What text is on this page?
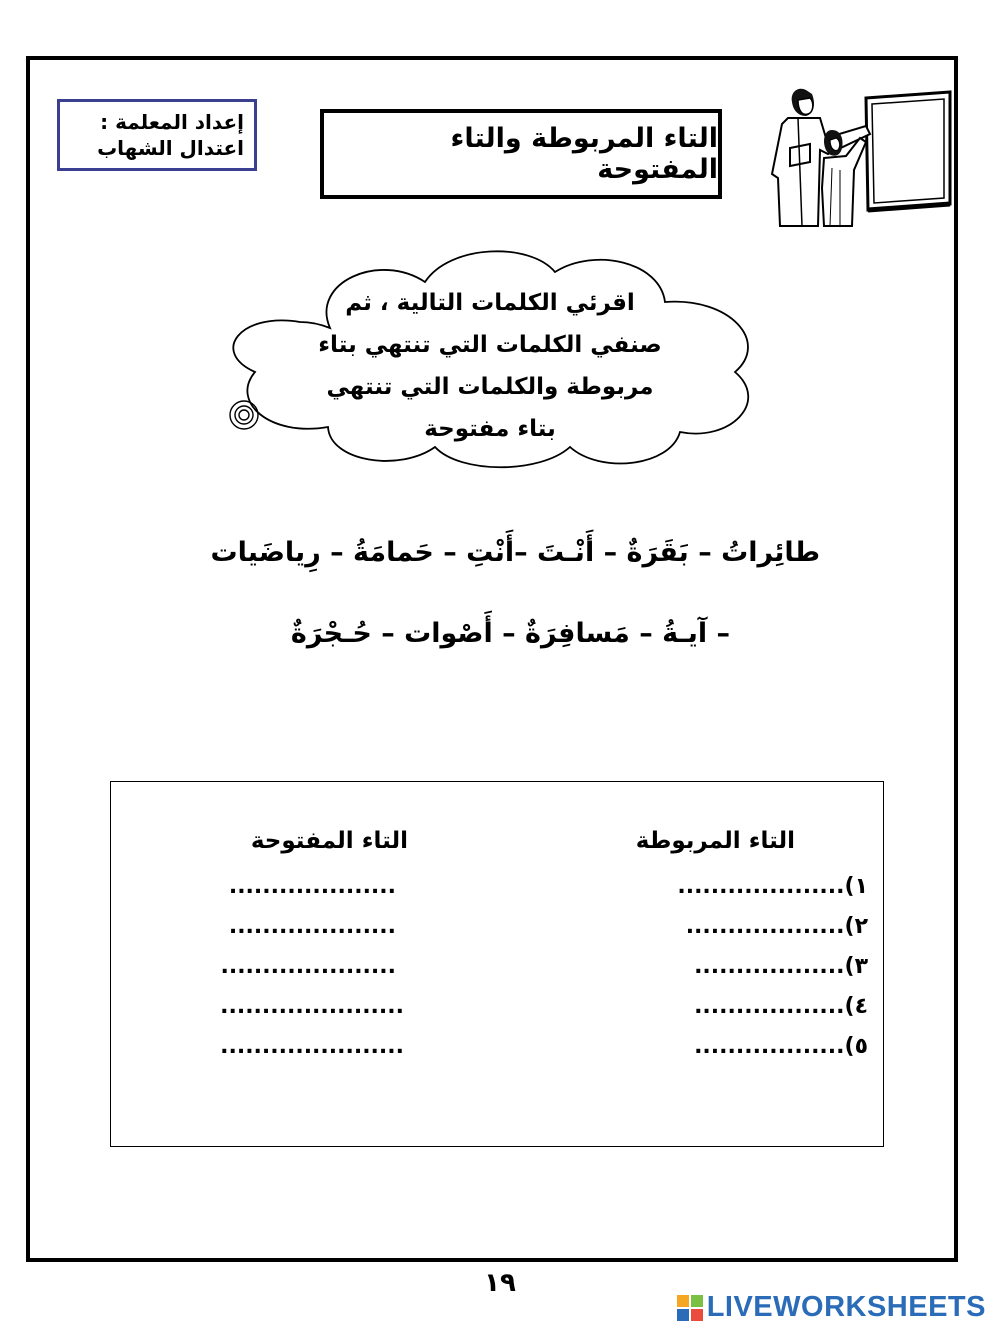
إعداد المعلمة :
اعتدال الشهاب	التاء المربوطة والتاء المفتوحة
اقرئي الكلمات التالية ، ثم
صنفي الكلمات التي تنتهي بتاء
مربوطة والكلمات التي تنتهي
بتاء مفتوحة
طائِراتُ – بَقَرَةٌ – أَنْـتَ –أَنْتِ – حَمامَةُ – رِياضَيات
– آيـةُ – مَسافِرَةٌ – أَصْوات – حُـجْرَةٌ
التاء المربوطة
التاء المفتوحة
١)....................
....................
٢)...................
....................
٣)..................
.....................
٤)..................
......................
٥)..................
......................
١٩
LIVEWORKSHEETS
